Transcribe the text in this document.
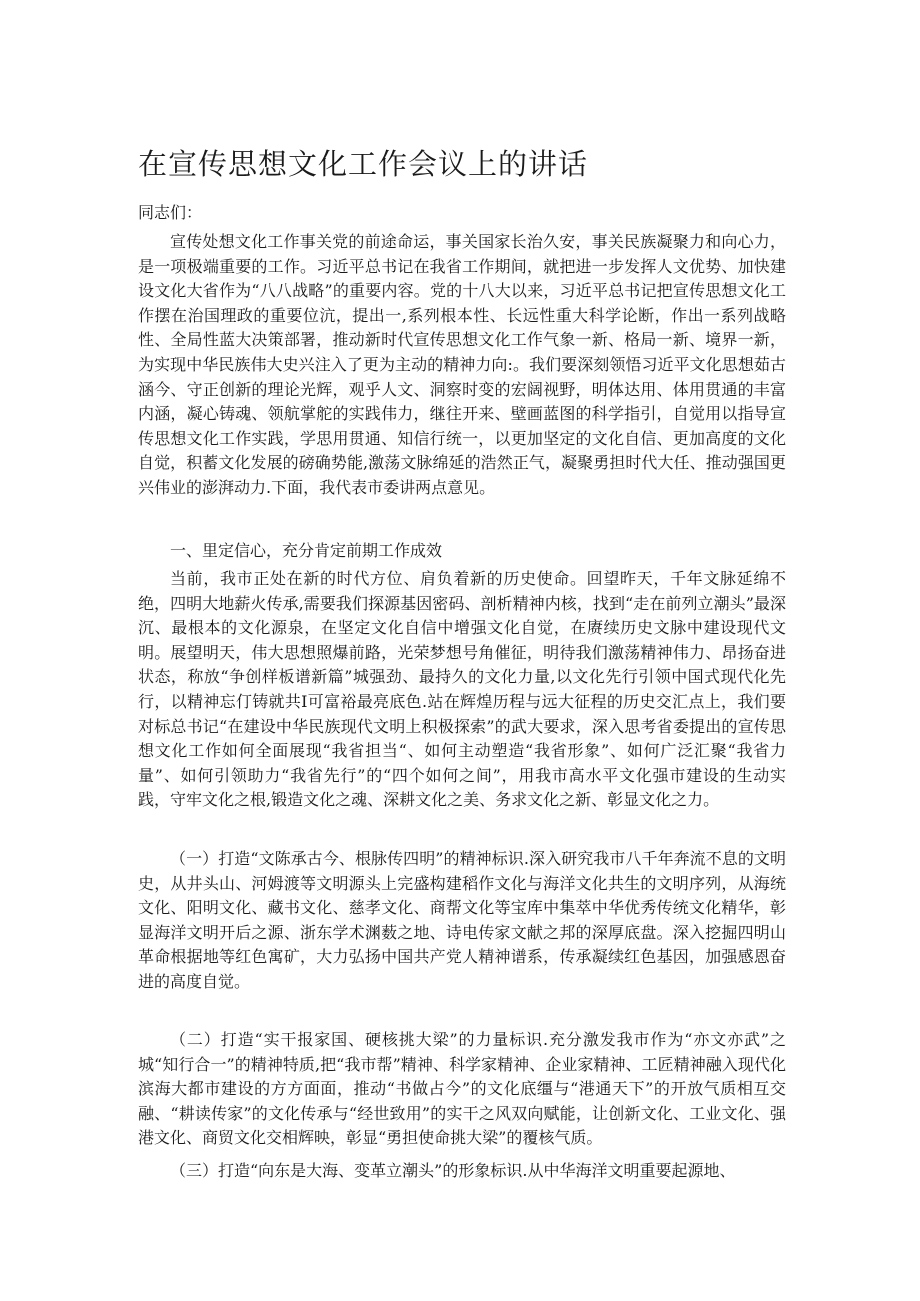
在宣传思想文化工作会议上的讲话

同志们：

宣传处想文化工作事关党的前途命运，事关国家长治久安，事关民族凝聚力和向心力，是一项极端重要的工作。习近平总书记在我省工作期间，就把进一步发挥人文优势、加快建设文化大省作为“八八战略”的重要内容。党的十八大以来，习近平总书记把宣传思想文化工作摆在治国理政的重要位沆，提出一,系列根本性、长远性重大科学论断，作出一系列战略性、全局性蓝大决策部署，推动新时代宣传思想文化工作气象一新、格局一新、境界一新，为实现中华民族伟大史兴注入了更为主动的精神力向:。我们要深刻领悟习近平文化思想茹古涵今、守正创新的理论光辉，观乎人文、洞察时变的宏阔视野，明体达用、体用贯通的丰富内涵，凝心铸魂、领航掌舵的实践伟力，继往开来、壁画蓝图的科学指引，自觉用以指导宣传思想文化工作实践，学思用贯通、知信行统一，以更加坚定的文化自信、更加高度的文化自觉，积蓄文化发展的磅确势能,激荡文脉绵延的浩然正气，凝聚勇担时代大任、推动强国更兴伟业的澎湃动力.下面，我代表市委讲两点意见。

一、里定信心，充分肯定前期工作成效

当前，我市正处在新的时代方位、肩负着新的历史使命。回望昨天，千年文脉延绵不绝，四明大地薪火传承,需要我们探源基因密码、剖析精神内核，找到“走在前列立潮头”最深沉、最根本的文化源泉，在坚定文化自信中增强文化自觉，在赓续历史文脉中建设现代文明。展望明天，伟大思想照爆前路，光荣梦想号角催征，明待我们激荡精神伟力、昂扬奋进状态，称放“争创样板谱新篇”城强劲、最持久的文化力量,以文化先行引领中国式现代化先行，以精神忘仃铸就共I可富裕最亮底色.站在辉煌历程与远大征程的历史交汇点上，我们要对标总书记“在建设中华民族现代文明上积极探索”的武大要求，深入思考省委提出的宣传思想文化工作如何全面展现“我省担当“、如何主动塑造“我省形象”、如何广泛汇聚“我省力量”、如何引领助力“我省先行”的“四个如何之间”，用我市高水平文化强市建设的生动实践，守牢文化之根,锻造文化之魂、深耕文化之美、务求文化之新、彰显文化之力。

（一）打造“文陈承古今、根脉传四明”的精神标识.深入研究我市八千年奔流不息的文明史，从井头山、河姆渡等文明源头上完盛构建稻作文化与海洋文化共生的文明序列，从海统文化、阳明文化、藏书文化、慈孝文化、商帮文化等宝库中集萃中华优秀传统文化精华，彰显海洋文明开后之源、浙东学术渊薮之地、诗电传家文献之邦的深厚底盘。深入挖掘四明山革命根据地等红色寓矿，大力弘扬中国共产党人精神谱系，传承凝续红色基因，加强感恩奋进的高度自觉。

（二）打造“实干报家国、硬核挑大梁”的力量标识.充分激发我市作为“亦文亦武”之城“知行合一”的精神特质,把“我市帮”精神、科学家精神、企业家精神、工匠精神融入现代化滨海大都市建设的方方面面，推动“书做占今”的文化底缰与“港通天下”的开放气质相互交融、“耕读传家”的文化传承与“经世致用”的实干之风双向赋能，让创新文化、工业文化、强港文化、商贸文化交相辉映，彰显“勇担使命挑大梁”的覆核气质。

（三）打造“向东是大海、变革立潮头”的形象标识.从中华海洋文明重要起源地、
